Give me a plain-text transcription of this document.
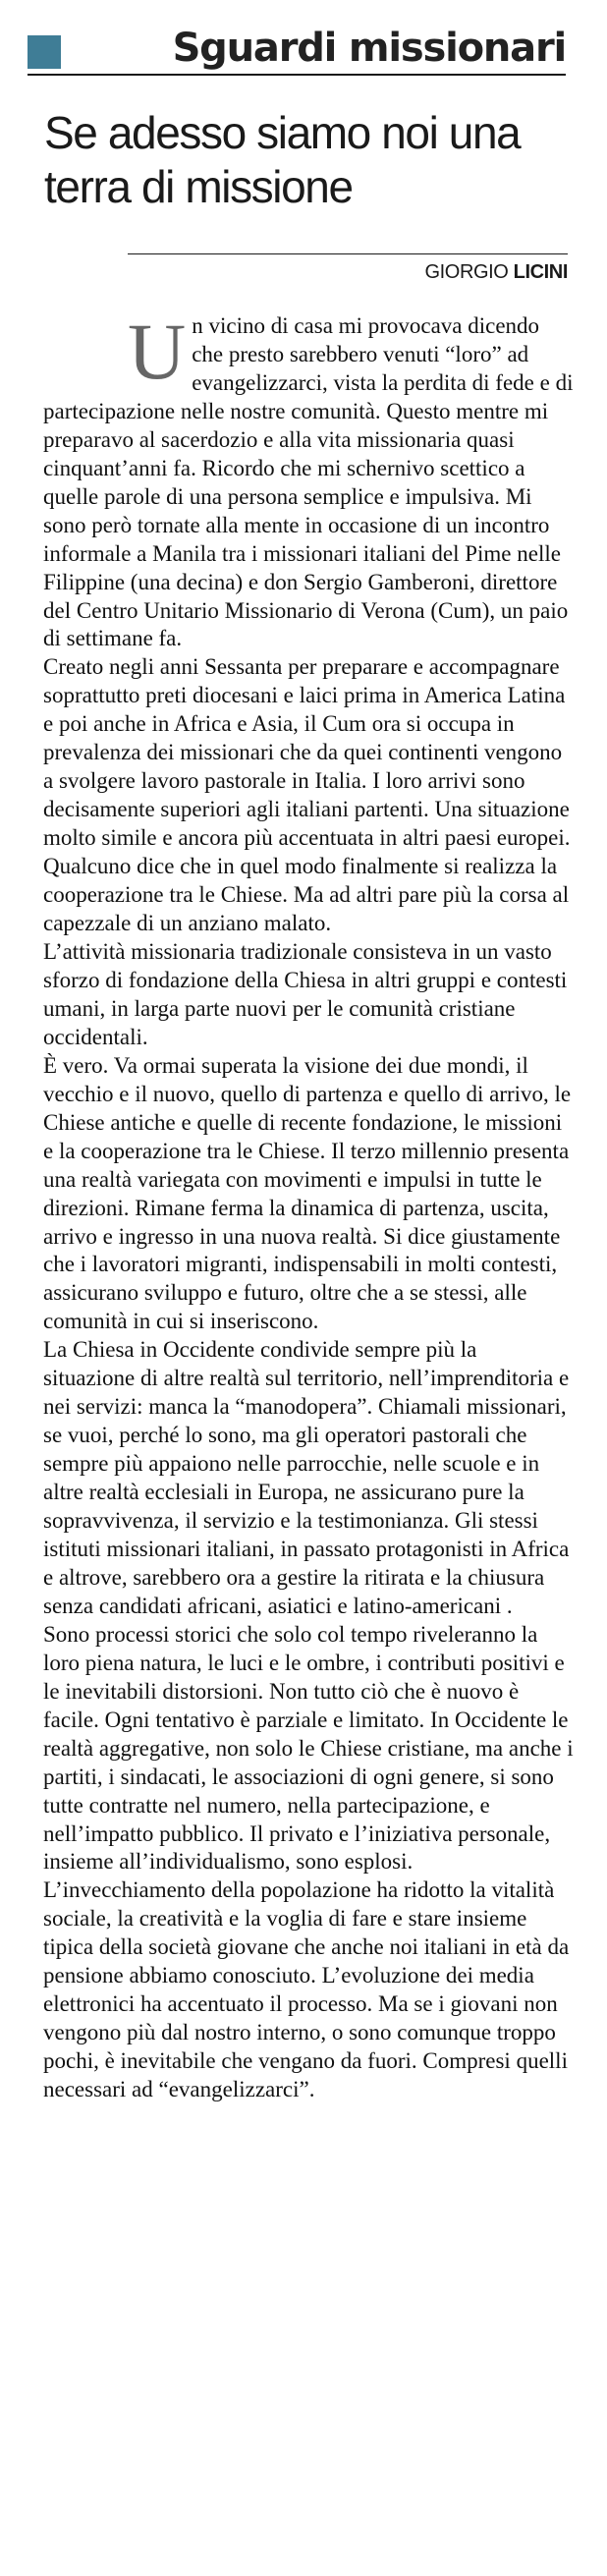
Sguardi missionari
Se adesso siamo noi una terra di missione
GIORGIO LICINI

Un vicino di casa mi provocava dicendo che presto sarebbero venuti “loro” ad evangelizzarci, vista la perdita di fede e di partecipazione nelle nostre comunità. Questo mentre mi preparavo al sacerdozio e alla vita missionaria quasi cinquant’anni fa. Ricordo che mi schernivo scettico a quelle parole di una persona semplice e impulsiva. Mi sono però tornate alla mente in occasione di un incontro informale a Manila tra i missionari italiani del Pime nelle Filippine (una decina) e don Sergio Gamberoni, direttore del Centro Unitario Missionario di Verona (Cum), un paio di settimane fa.

Creato negli anni Sessanta per preparare e accompagnare soprattutto preti diocesani e laici prima in America Latina e poi anche in Africa e Asia, il Cum ora si occupa in prevalenza dei missionari che da quei continenti vengono a svolgere lavoro pastorale in Italia. I loro arrivi sono decisamente superiori agli italiani partenti. Una situazione molto simile e ancora più accentuata in altri paesi europei. Qualcuno dice che in quel modo finalmente si realizza la cooperazione tra le Chiese. Ma ad altri pare più la corsa al capezzale di un anziano malato.

L’attività missionaria tradizionale consisteva in un vasto sforzo di fondazione della Chiesa in altri gruppi e contesti umani, in larga parte nuovi per le comunità cristiane occidentali.

È vero. Va ormai superata la visione dei due mondi, il vecchio e il nuovo, quello di partenza e quello di arrivo, le Chiese antiche e quelle di recente fondazione, le missioni e la cooperazione tra le Chiese. Il terzo millennio presenta una realtà variegata con movimenti e impulsi in tutte le direzioni. Rimane ferma la dinamica di partenza, uscita, arrivo e ingresso in una nuova realtà. Si dice giustamente che i lavoratori migranti, indispensabili in molti contesti, assicurano sviluppo e futuro, oltre che a se stessi, alle comunità in cui si inseriscono.

La Chiesa in Occidente condivide sempre più la situazione di altre realtà sul territorio, nell’imprenditoria e nei servizi: manca la “manodopera”. Chiamali missionari, se vuoi, perché lo sono, ma gli operatori pastorali che sempre più appaiono nelle parrocchie, nelle scuole e in altre realtà ecclesiali in Europa, ne assicurano pure la sopravvivenza, il servizio e la testimonianza. Gli stessi istituti missionari italiani, in passato protagonisti in Africa e altrove, sarebbero ora a gestire la ritirata e la chiusura senza candidati africani, asiatici e latino-americani .

Sono processi storici che solo col tempo riveleranno la loro piena natura, le luci e le ombre, i contributi positivi e le inevitabili distorsioni. Non tutto ciò che è nuovo è facile. Ogni tentativo è parziale e limitato. In Occidente le realtà aggregative, non solo le Chiese cristiane, ma anche i partiti, i sindacati, le associazioni di ogni genere, si sono tutte contratte nel numero, nella partecipazione, e nell’impatto pubblico. Il privato e l’iniziativa personale, insieme all’individualismo, sono esplosi. L’invecchiamento della popolazione ha ridotto la vitalità sociale, la creatività e la voglia di fare e stare insieme tipica della società giovane che anche noi italiani in età da pensione abbiamo conosciuto. L’evoluzione dei media elettronici ha accentuato il processo. Ma se i giovani non vengono più dal nostro interno, o sono comunque troppo pochi, è inevitabile che vengano da fuori. Compresi quelli necessari ad “evangelizzarci”.
